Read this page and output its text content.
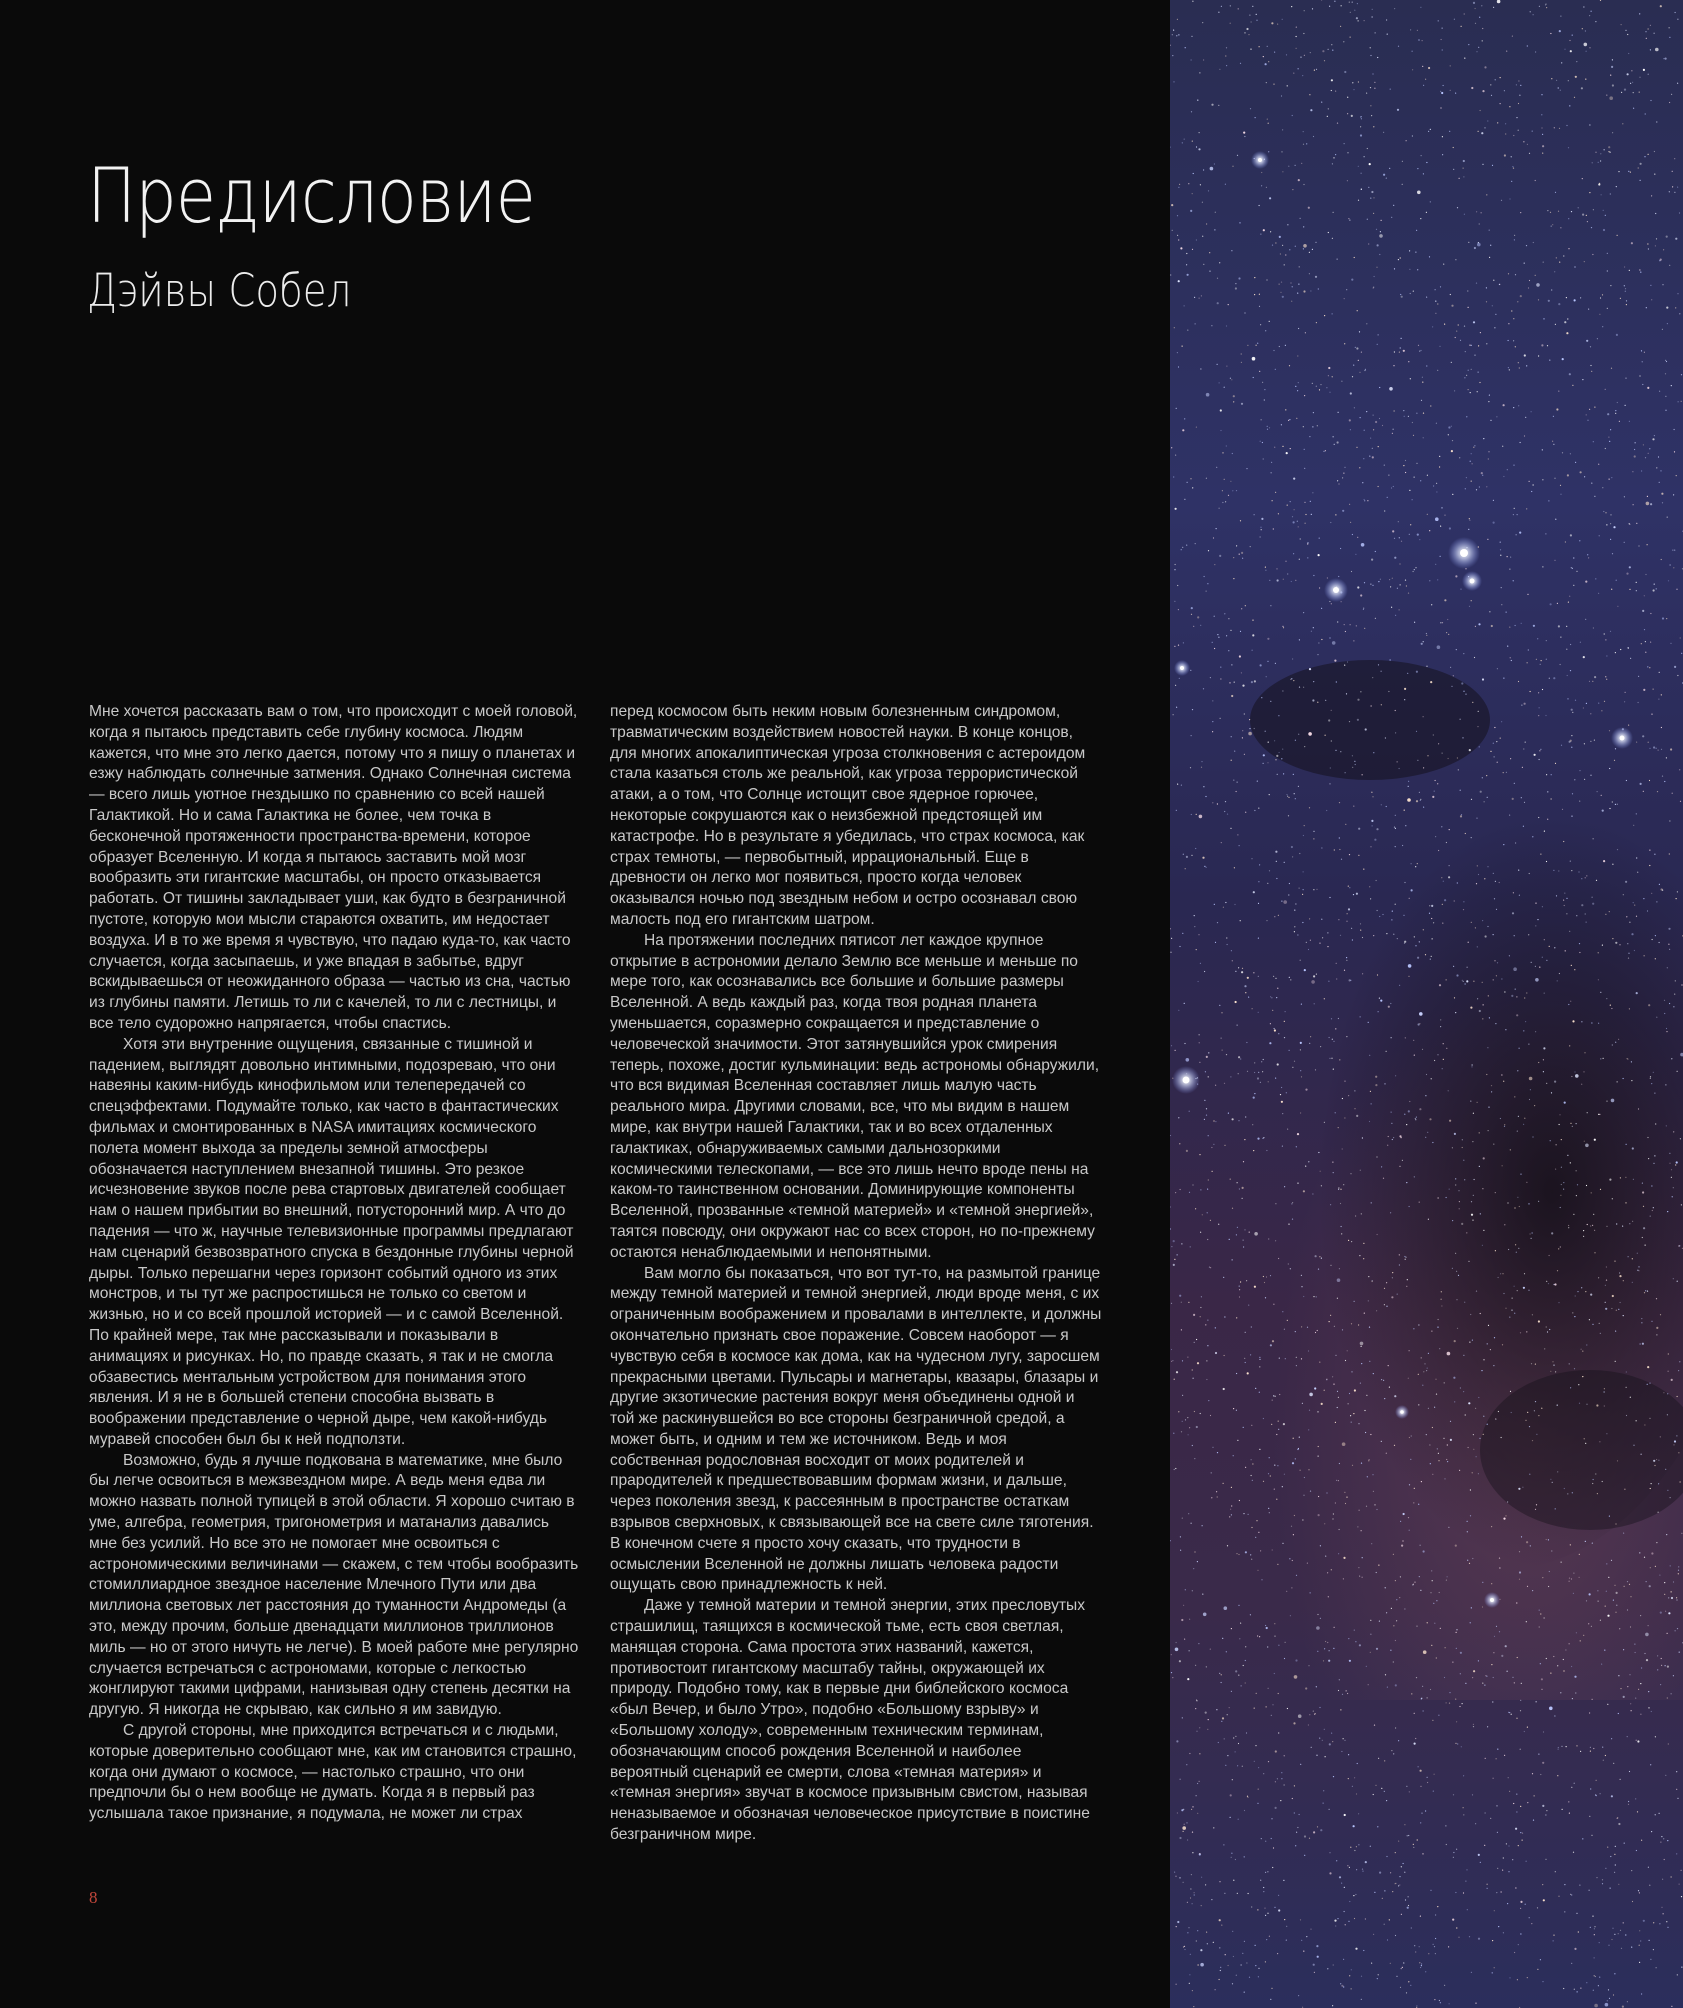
Предисловие
Дэйвы Собел

Мне хочется рассказать вам о том, что происходит с моей головой, когда я пытаюсь представить себе глубину космоса. Людям кажется, что мне это легко дается, потому что я пишу о планетах и езжу наблюдать солнечные затмения. Однако Солнечная система — всего лишь уютное гнездышко по сравнению со всей нашей Галактикой. Но и сама Галактика не более, чем точка в бесконечной протяженности пространства-времени, которое образует Вселенную. И когда я пытаюсь заставить мой мозг вообразить эти гигантские масштабы, он просто отказывается работать. От тишины закладывает уши, как будто в безграничной пустоте, которую мои мысли стараются охватить, им недостает воздуха. И в то же время я чувствую, что падаю куда-то, как часто случается, когда засыпаешь, и уже впадая в забытье, вдруг вскидываешься от неожиданного образа — частью из сна, частью из глубины памяти. Летишь то ли с качелей, то ли с лестницы, и все тело судорожно напрягается, чтобы спастись.

Хотя эти внутренние ощущения, связанные с тишиной и падением, выглядят довольно интимными, подозреваю, что они навеяны каким-нибудь кинофильмом или телепередачей со спецэффектами. Подумайте только, как часто в фантастических фильмах и смонтированных в NASA имитациях космического полета момент выхода за пределы земной атмосферы обозначается наступлением внезапной тишины. Это резкое исчезновение звуков после рева стартовых двигателей сообщает нам о нашем прибытии во внешний, потусторонний мир. А что до падения — что ж, научные телевизионные программы предлагают нам сценарий безвозвратного спуска в бездонные глубины черной дыры. Только перешагни через горизонт событий одного из этих монстров, и ты тут же распростишься не только со светом и жизнью, но и со всей прошлой историей — и с самой Вселенной. По крайней мере, так мне рассказывали и показывали в анимациях и рисунках. Но, по правде сказать, я так и не смогла обзавестись ментальным устройством для понимания этого явления. И я не в большей степени способна вызвать в воображении представление о черной дыре, чем какой-нибудь муравей способен был бы к ней подползти.

Возможно, будь я лучше подкована в математике, мне было бы легче освоиться в межзвездном мире. А ведь меня едва ли можно назвать полной тупицей в этой области. Я хорошо считаю в уме, алгебра, геометрия, тригонометрия и матанализ давались мне без усилий. Но все это не помогает мне освоиться с астрономическими величинами — скажем, с тем чтобы вообразить стомиллиардное звездное население Млечного Пути или два миллиона световых лет расстояния до туманности Андромеды (а это, между прочим, больше двенадцати миллионов триллионов миль — но от этого ничуть не легче). В моей работе мне регулярно случается встречаться с астрономами, которые с легкостью жонглируют такими цифрами, нанизывая одну степень десятки на другую. Я никогда не скрываю, как сильно я им завидую.

С другой стороны, мне приходится встречаться и с людьми, которые доверительно сообщают мне, как им становится страшно, когда они думают о космосе, — настолько страшно, что они предпочли бы о нем вообще не думать. Когда я в первый раз услышала такое признание, я подумала, не может ли страх

перед космосом быть неким новым болезненным синдромом, травматическим воздействием новостей науки. В конце концов, для многих апокалиптическая угроза столкновения с астероидом стала казаться столь же реальной, как угроза террористической атаки, а о том, что Солнце истощит свое ядерное горючее, некоторые сокрушаются как о неизбежной предстоящей им катастрофе. Но в результате я убедилась, что страх космоса, как страх темноты, — первобытный, иррациональный. Еще в древности он легко мог появиться, просто когда человек оказывался ночью под звездным небом и остро осознавал свою малость под его гигантским шатром.

На протяжении последних пятисот лет каждое крупное открытие в астрономии делало Землю все меньше и меньше по мере того, как осознавались все большие и большие размеры Вселенной. А ведь каждый раз, когда твоя родная планета уменьшается, соразмерно сокращается и представление о человеческой значимости. Этот затянувшийся урок смирения теперь, похоже, достиг кульминации: ведь астрономы обнаружили, что вся видимая Вселенная составляет лишь малую часть реального мира. Другими словами, все, что мы видим в нашем мире, как внутри нашей Галактики, так и во всех отдаленных галактиках, обнаруживаемых самыми дальнозоркими космическими телескопами, — все это лишь нечто вроде пены на каком-то таинственном основании. Доминирующие компоненты Вселенной, прозванные «темной материей» и «темной энергией», таятся повсюду, они окружают нас со всех сторон, но по-прежнему остаются ненаблюдаемыми и непонятными.

Вам могло бы показаться, что вот тут-то, на размытой границе между темной материей и темной энергией, люди вроде меня, с их ограниченным воображением и провалами в интеллекте, и должны окончательно признать свое поражение. Совсем наоборот — я чувствую себя в космосе как дома, как на чудесном лугу, заросшем прекрасными цветами. Пульсары и магнетары, квазары, блазары и другие экзотические растения вокруг меня объединены одной и той же раскинувшейся во все стороны безграничной средой, а может быть, и одним и тем же источником. Ведь и моя собственная родословная восходит от моих родителей и прародителей к предшествовавшим формам жизни, и дальше, через поколения звезд, к рассеянным в пространстве остаткам взрывов сверхновых, к связывающей все на свете силе тяготения. В конечном счете я просто хочу сказать, что трудности в осмыслении Вселенной не должны лишать человека радости ощущать свою принадлежность к ней.

Даже у темной материи и темной энергии, этих пресловутых страшилищ, таящихся в космической тьме, есть своя светлая, манящая сторона. Сама простота этих названий, кажется, противостоит гигантскому масштабу тайны, окружающей их природу. Подобно тому, как в первые дни библейского космоса «был Вечер, и было Утро», подобно «Большому взрыву» и «Большому холоду», современным техническим терминам, обозначающим способ рождения Вселенной и наиболее вероятный сценарий ее смерти, слова «темная материя» и «темная энергия» звучат в космосе призывным свистом, называя неназываемое и обозначая человеческое присутствие в поистине безграничном мире.

8
